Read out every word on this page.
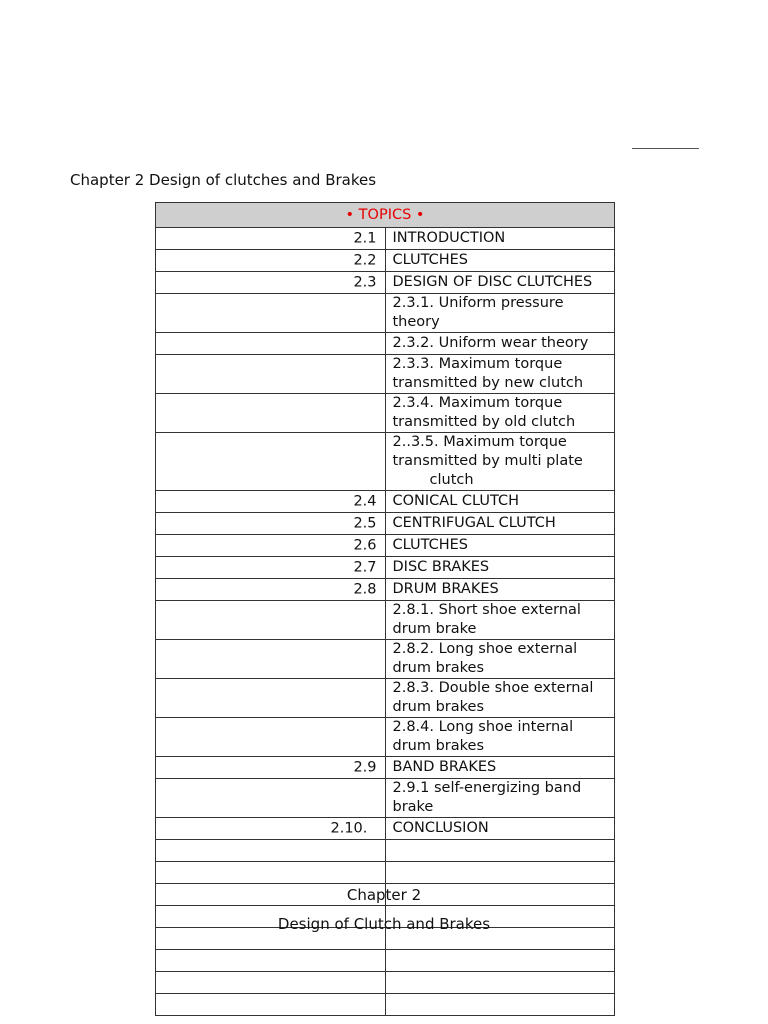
Chapter 2 Design of clutches and Brakes
• TOPICS •	

	2.1 INTRODUCTION

	2.2 CLUTCHES

	2.3 DESIGN OF DISC CLUTCHES
	2.3.1. Uniform pressure theory
	2.3.2. Uniform wear theory
	2.3.3. Maximum torque transmitted by new clutch
	2.3.4. Maximum torque transmitted by old clutch
	2..3.5. Maximum torque transmitted by multi plate
clutch

	2.4 CONICAL CLUTCH

	2.5 CENTRIFUGAL CLUTCH

	2.6 CLUTCHES

	2.7 DISC BRAKES

	2.8 DRUM BRAKES
	2.8.1. Short shoe external drum brake
	2.8.2. Long shoe external drum brakes
	2.8.3. Double shoe external drum brakes
	2.8.4. Long shoe internal drum brakes

	2.9 BAND BRAKES
	2.9.1 self-energizing band brake

	2.10. CONCLUSION

Chapter 2
Design of Clutch and Brakes
